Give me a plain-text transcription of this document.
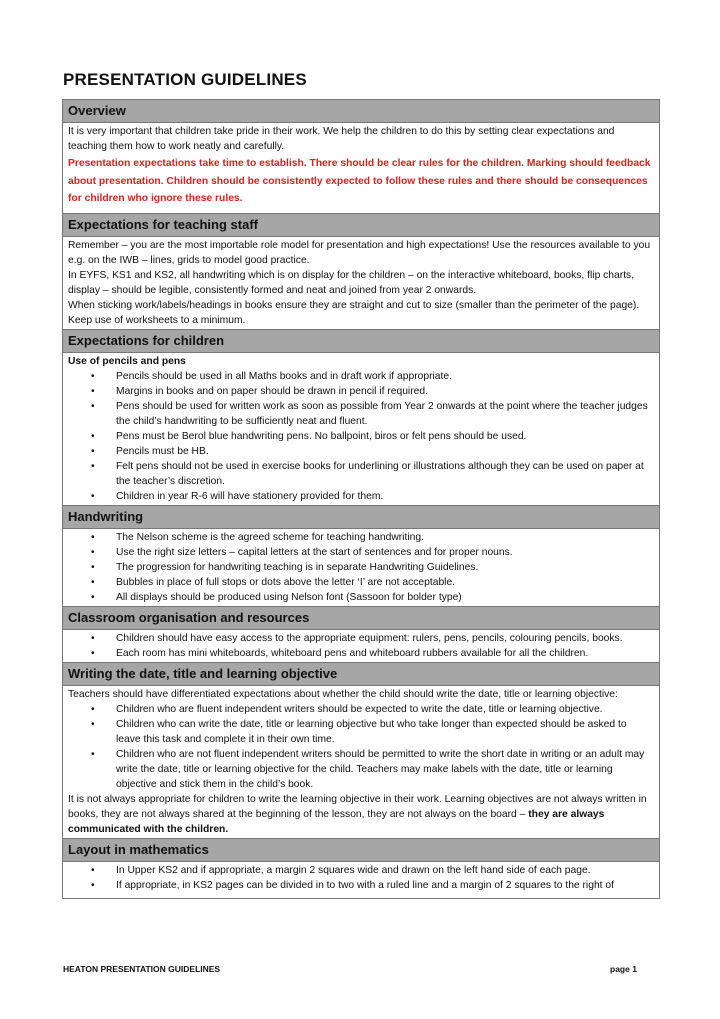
PRESENTATION GUIDELINES
Overview

It is very important that children take pride in their work. We help the children to do this by setting clear expectations and teaching them how to work neatly and carefully.

Presentation expectations take time to establish. There should be clear rules for the children. Marking should feedback about presentation. Children should be consistently expected to follow these rules and there should be consequences for children who ignore these rules.

Expectations for teaching staff

Remember – you are the most importable role model for presentation and high expectations! Use the resources available to you e.g. on the IWB – lines, grids to model good practice.

In EYFS, KS1 and KS2, all handwriting which is on display for the children – on the interactive whiteboard, books, flip charts, display – should be legible, consistently formed and neat and joined from year 2 onwards.

When sticking work/labels/headings in books ensure they are straight and cut to size (smaller than the perimeter of the page). Keep use of worksheets to a minimum.

Expectations for children

Use of pencils and pens

• Pencils should be used in all Maths books and in draft work if appropriate.
• Margins in books and on paper should be drawn in pencil if required.
• Pens should be used for written work as soon as possible from Year 2 onwards at the point where the teacher judges the child’s handwriting to be sufficiently neat and fluent.
• Pens must be Berol blue handwriting pens. No ballpoint, biros or felt pens should be used.
• Pencils must be HB.
• Felt pens should not be used in exercise books for underlining or illustrations although they can be used on paper at the teacher’s discretion.
• Children in year R-6 will have stationery provided for them.
Handwriting
• The Nelson scheme is the agreed scheme for teaching handwriting.
• Use the right size letters – capital letters at the start of sentences and for proper nouns.
• The progression for handwriting teaching is in separate Handwriting Guidelines.
• Bubbles in place of full stops or dots above the letter ‘I’ are not acceptable.
• All displays should be produced using Nelson font (Sassoon for bolder type)
Classroom organisation and resources
• Children should have easy access to the appropriate equipment: rulers, pens, pencils, colouring pencils, books.
• Each room has mini whiteboards, whiteboard pens and whiteboard rubbers available for all the children.
Writing the date, title and learning objective

Teachers should have differentiated expectations about whether the child should write the date, title or learning objective:

• Children who are fluent independent writers should be expected to write the date, title or learning objective.
• Children who can write the date, title or learning objective but who take longer than expected should be asked to leave this task and complete it in their own time.
• Children who are not fluent independent writers should be permitted to write the short date in writing or an adult may write the date, title or learning objective for the child. Teachers may make labels with the date, title or learning objective and stick them in the child’s book.

It is not always appropriate for children to write the learning objective in their work. Learning objectives are not always written in books, they are not always shared at the beginning of the lesson, they are not always on the board – they are always communicated with the children.

Layout in mathematics
• In Upper KS2 and if appropriate, a margin 2 squares wide and drawn on the left hand side of each page.
• If appropriate, in KS2 pages can be divided in to two with a ruled line and a margin of 2 squares to the right of
HEATON PRESENTATION GUIDELINES	page 1
